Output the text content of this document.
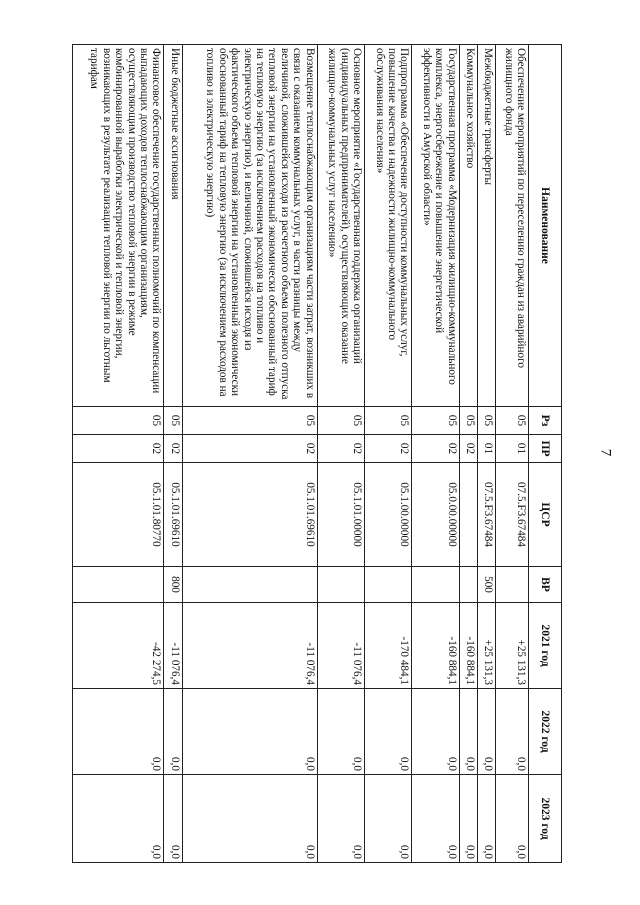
7
Наименование	Рз	ПР	ЦСР	ВР	2021 год	2022 год	2023 год
Обеспечение мероприятий по переселению граждан из аварийного жилищного фонда	05	01	07.5.F3.67484		+25 131,3	0,0	0,0
Межбюджетные трансферты	05	01	07.5.F3.67484	500	+25 131,3	0,0	0,0
Коммунальное хозяйство	05	02			-160 884,1	0,0	0,0
Государственная программа «Модернизация жилищно-коммунального комплекса, энергосбережение и повышение энергетической эффективности в Амурской области»	05	02	05.0.00.00000		-160 884,1	0,0	0,0
Подпрограмма «Обеспечение доступности коммунальных услуг, повышение качества и надежности жилищно-коммунального обслуживания населения»	05	02	05.1.00.00000		-170 484,1	0,0	0,0
Основное мероприятие «Государственная поддержка организаций (индивидуальных предпринимателей), осуществляющих оказание жилищно-коммунальных услуг населению»	05	02	05.1.01.00000		-11 076,4	0,0	0,0
Возмещение теплоснабжающим организациям части затрат, возникших в связи с оказанием коммунальных услуг, в части разницы между величиной, сложившейся исходя из расчетного объема полезного отпуска тепловой энергии на установленный экономически обоснованный тариф на тепловую энергию (за исключением расходов на топливо и электрическую энергию), и величиной, сложившейся исходя из фактического объема тепловой энергии на установленный экономически обоснованный тариф на тепловую энергию (за исключением расходов на топливо и электрическую энергию)	05	02	05.1.01.69610		-11 076,4	0,0	0,0
Иные бюджетные ассигнования	05	02	05.1.01.69610	800	-11 076,4	0,0	0,0
Финансовое обеспечение государственных полномочий по компенсации выпадающих доходов теплоснабжающим организациям, осуществляющим производство тепловой энергии в режиме комбинированной выработки электрической и тепловой энергии, возникающих в результате реализации тепловой энергии по льготным тарифам	05	02	05.1.01.80770		-42 274,5	0,0	0,0
